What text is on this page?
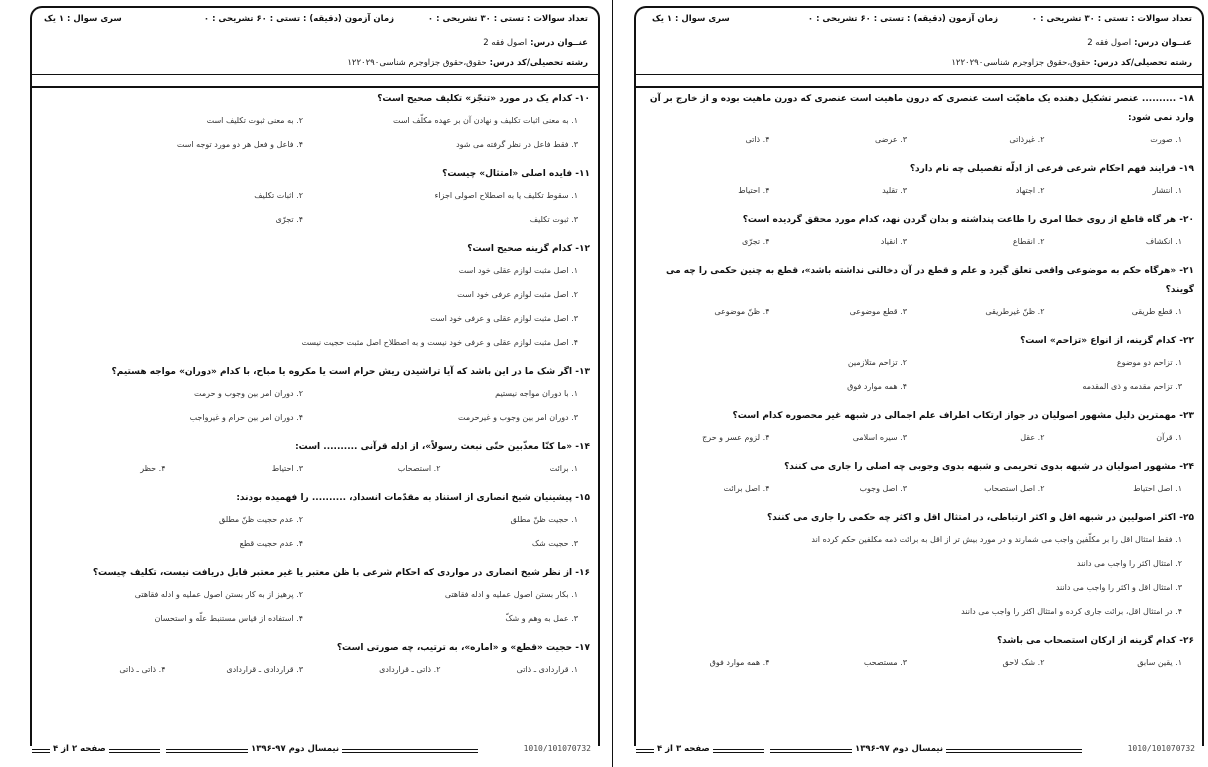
تعداد سوالات : تستی : ۳۰ تشریحی : ۰
زمان آزمون (دقیقه) : تستی : ۶۰ تشریحی : ۰
سری سوال : ۱ یک
عنــوان درس: اصول فقه 2
رشته تحصیلی/کد درس: حقوق،حقوق جزاوجرم شناسی۱۲۲۰۲۹۰
۱۸- .......... عنصر تشکیل دهنده یک ماهیّت است عنصری که درون ماهیت است عنصری که دورن ماهیت بوده و از خارج بر آن وارد نمی شود:
۱. صورت
۲. غیرذاتی
۳. عرضی
۴. ذاتی
۱۹- فرایند فهم احکام شرعی فرعی از ادلّه تفصیلی چه نام دارد؟
۱. انتشار
۲. اجتهاد
۳. تقلید
۴. احتیاط
۲۰- هر گاه قاطع از روی خطا امری را طاعت پنداشته و بدان گردن نهد، کدام مورد محقق گردیده است؟
۱. انکشاف
۲. انقطاع
۳. انقیاد
۴. تجرّی
۲۱- «هرگاه حکم به موضوعی واقعی تعلق گیرد و علم و قطع در آن دخالتی نداشته باشد»، قطع به چنین حکمی را چه می گویند؟
۱. قطع طریقی
۲. ظنّ غیرطریقی
۳. قطع موضوعی
۴. ظنّ موضوعی
۲۲- کدام گزینه، از انواع «تزاحم» است؟
۱. تزاحم دو موضوع
۲. تزاحم متلازمین
۳. تزاحم مقدمه و ذی المقدمه
۴. همه موارد فوق
۲۳- مهمترین دلیل مشهور اصولیان در جواز ارتکاب اطراف علم اجمالی در شبهه غیر محصوره کدام است؟
۱. قرآن
۲. عقل
۳. سیره اسلامی
۴. لزوم عسر و حرج
۲۴- مشهور اصولیان در شبهه بدوی تحریمی و شبهه بدوی وجوبی چه اصلی را جاری می کنند؟
۱. اصل احتیاط
۲. اصل استصحاب
۳. اصل وجوب
۴. اصل برائت
۲۵- اکثر اصولیین در شبهه اقل و اکثر ارتباطی، در امتثال اقل و اکثر چه حکمی را جاری می کنند؟
۱. فقط امتثال اقل را بر مکلّفین واجب می شمارند و در مورد بیش تر از اقل به برائت ذمه مکلفین حکم کرده اند
۲. امتثال اکثر را واجب می دانند
۳. امتثال اقل و اکثر را واجب می دانند
۴. در امتثال اقل، برائت جاری کرده و امتثال اکثر را واجب می دانند
۲۶- کدام گزینه از ارکان استصحاب می باشد؟
۱. یقین سابق
۲. شک لاحق
۳. مستصحب
۴. همه موارد فوق
صفحه ۳ از ۴	نیمسال دوم ۹۷-۱۳۹۶	1010/101070732
تعداد سوالات : تستی : ۳۰ تشریحی : ۰
زمان آزمون (دقیقه) : تستی : ۶۰ تشریحی : ۰
سری سوال : ۱ یک
عنــوان درس: اصول فقه 2
رشته تحصیلی/کد درس: حقوق،حقوق جزاوجرم شناسی۱۲۲۰۲۹۰
۱۰- کدام یک در مورد «تنجّز» تکلیف صحیح است؟
۱. به معنی اثبات تکلیف و نهادن آن بر عهده مکلّف است
۲. به معنی ثبوت تکلیف است
۳. فقط فاعل در نظر گرفته می شود
۴. فاعل و فعل هر دو مورد توجه است
۱۱- فایده اصلی «امتثال» چیست؟
۱. سقوط تکلیف یا به اصطلاح اصولی اجزاء
۲. اثبات تکلیف
۳. ثبوت تکلیف
۴. تجرّی
۱۲- کدام گزینه صحیح است؟
۱. اصل مثبت لوازم عقلی خود است
۲. اصل مثبت لوازم عرفی خود است
۳. اصل مثبت لوازم عقلی و عرفی خود است
۴. اصل مثبت لوازم عقلی و عرفی خود نیست و به اصطلاح اصل مثبت حجیت نیست
۱۳- اگر شک ما در این باشد که آیا تراشیدن ریش حرام است یا مکروه یا مباح، با کدام «دوران» مواجه هستیم؟
۱. با دوران مواجه نیستیم
۲. دوران امر بین وجوب و حرمت
۳. دوران امر بین وجوب و غیرحرمت
۴. دوران امر بین حرام و غیرواجب
۱۴- «ما کنّا معذّبین حتّی نبعث رسولاً»، از ادله قرآنی .......... است:
۱. برائت
۲. استصحاب
۳. احتیاط
۴. حظر
۱۵- پیشینیان شیخ انصاری از استناد به مقدّمات انسداد، .......... را فهمیده بودند:
۱. حجیت ظنّ مطلق
۲. عدم حجیت ظنّ مطلق
۳. حجیت شک
۴. عدم حجیت قطع
۱۶- از نظر شیخ انصاری در مواردی که احکام شرعی با ظن معتبر یا غیر معتبر قابل دریافت نیست، تکلیف چیست؟
۱. بکار بستن اصول عملیه و ادله فقاهتی
۲. پرهیز از به کار بستن اصول عملیه و ادله فقاهتی
۳. عمل به وهم و شکّ
۴. استفاده از قیاس مستنبط علّه و استحسان
۱۷- حجیت «قطع» و «اماره»، به ترتیب، چه صورتی است؟
۱. قراردادی ـ ذاتی
۲. ذاتی ـ قراردادی
۳. قراردادی ـ قراردادی
۴. ذاتی ـ ذاتی
صفحه ۲ از ۴	نیمسال دوم ۹۷-۱۳۹۶	1010/101070732
